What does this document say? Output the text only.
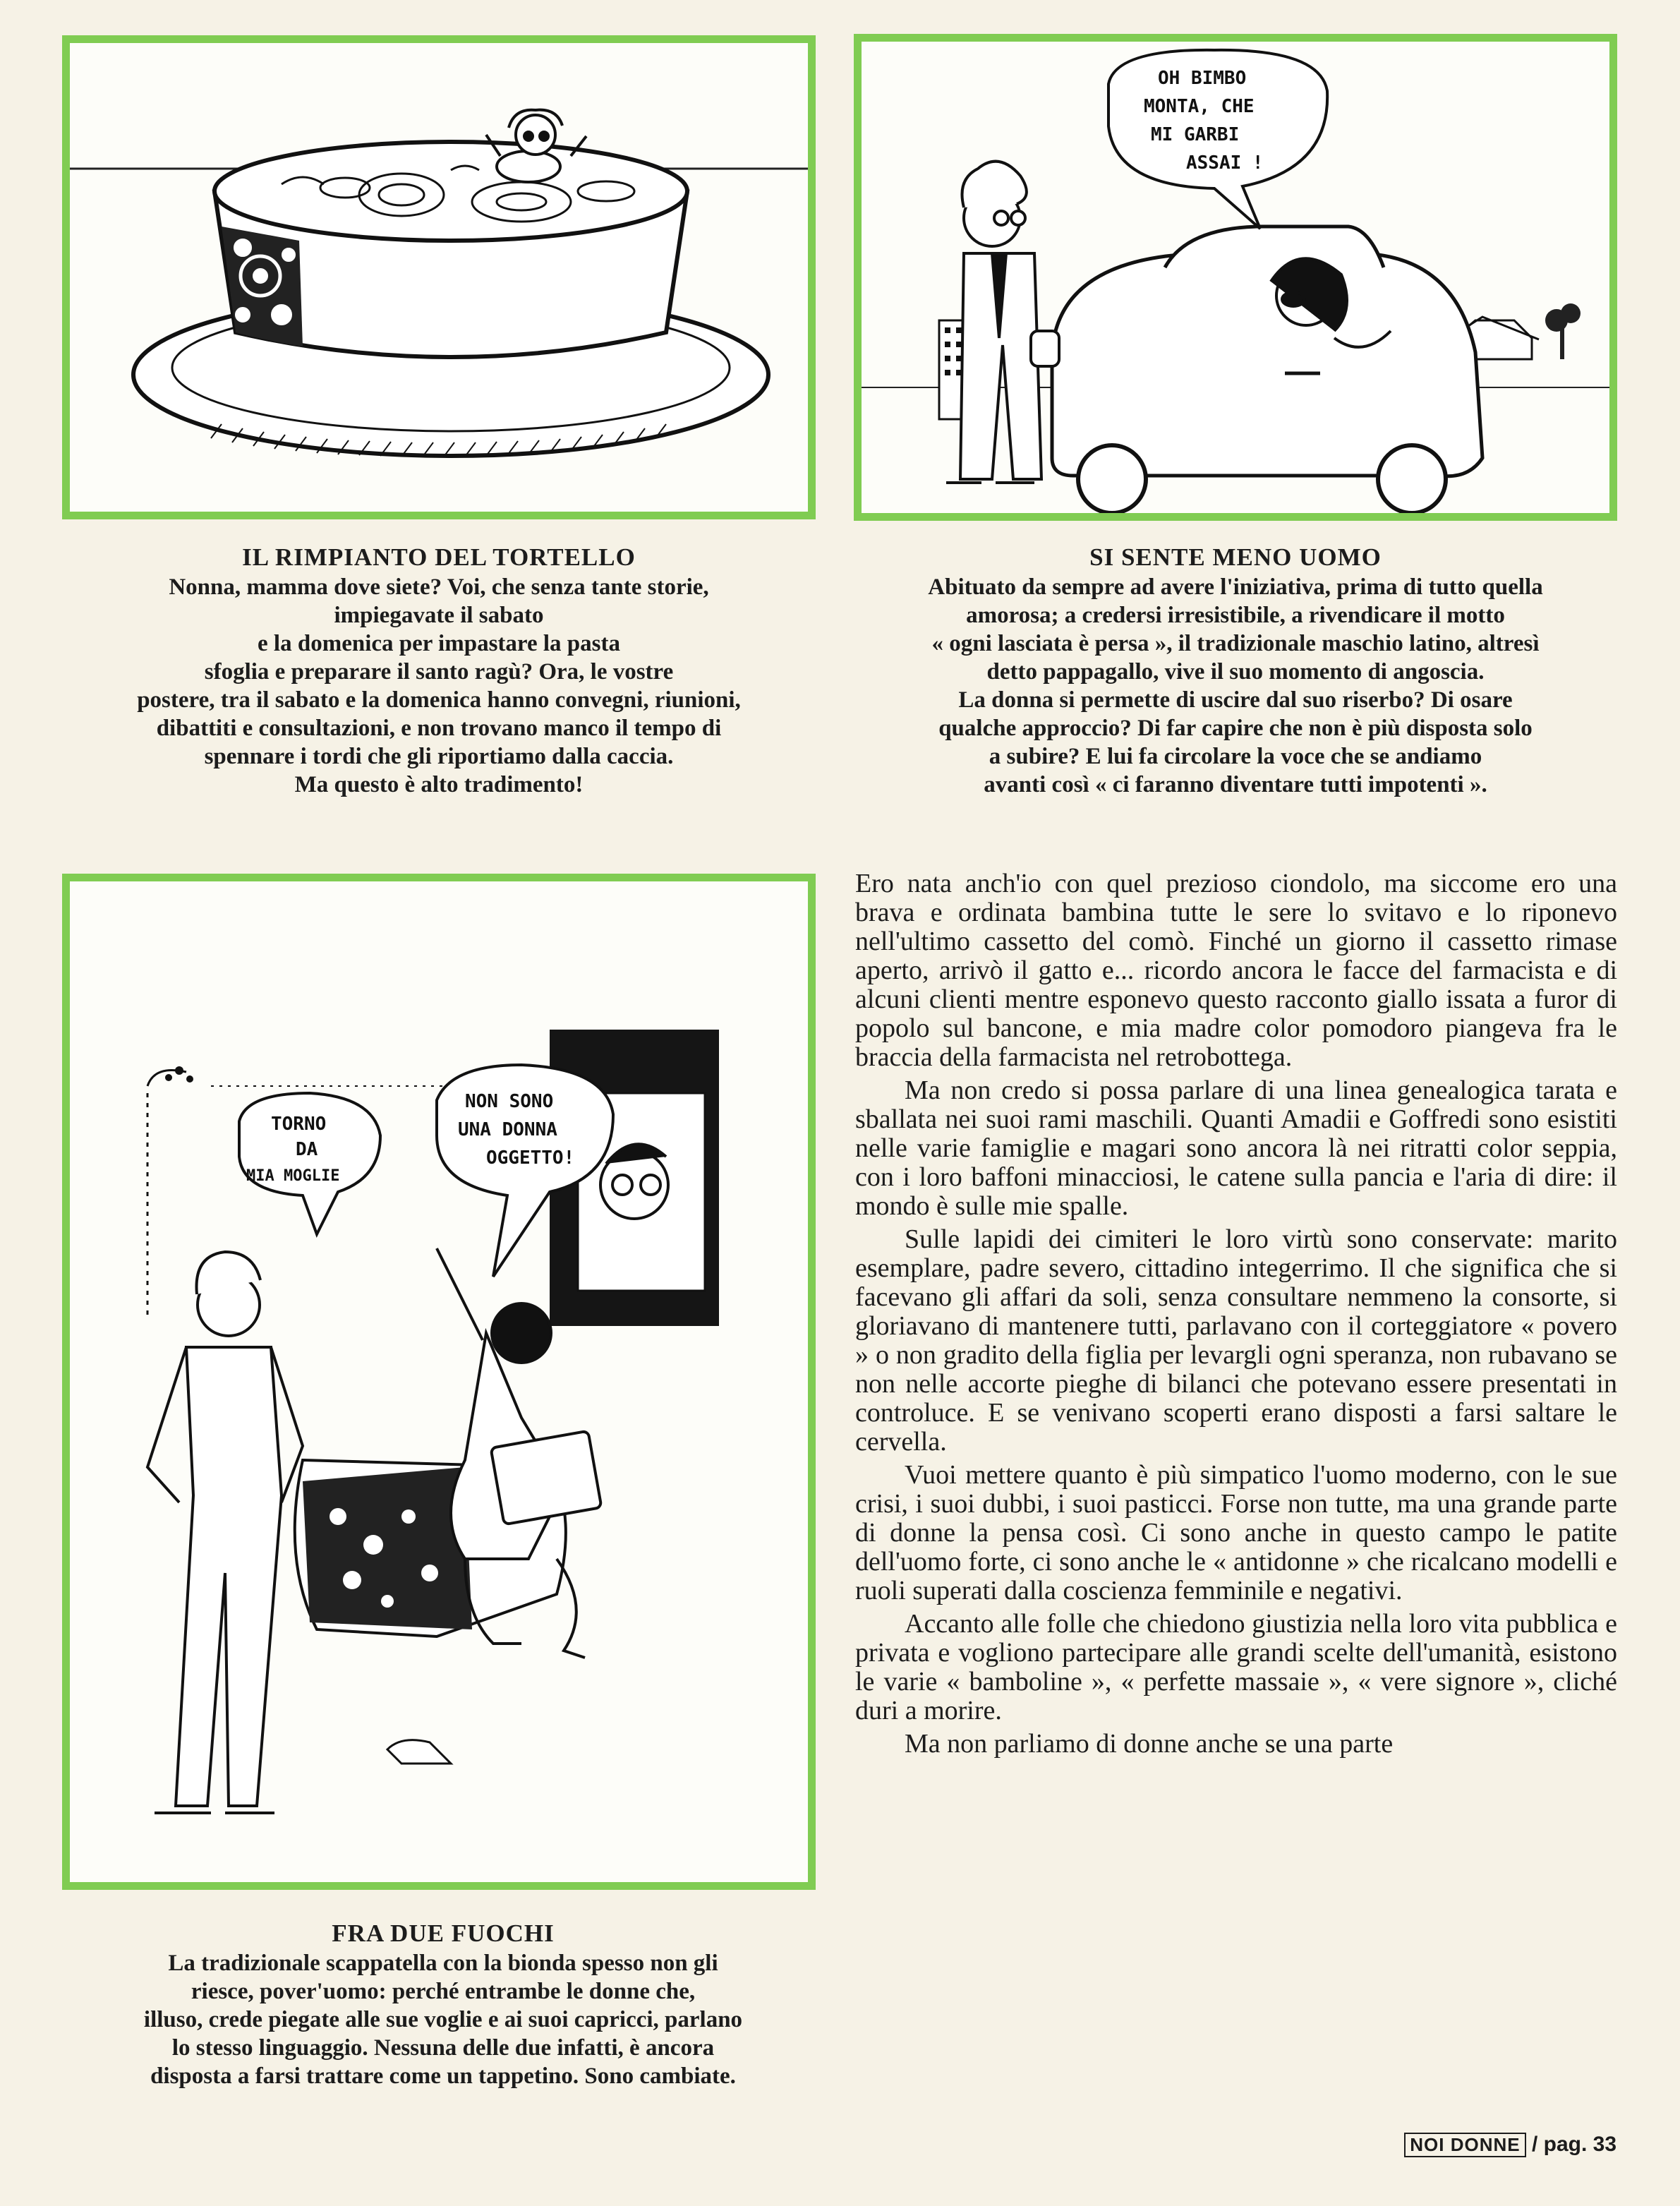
OH BIMBO
MONTA, CHE
MI GARBI
ASSAI !
IL RIMPIANTO DEL TORTELLO
Nonna, mamma dove siete? Voi, che senza tante storie,
impiegavate il sabato
e la domenica per impastare la pasta
sfoglia e preparare il santo ragù? Ora, le vostre
postere, tra il sabato e la domenica hanno convegni, riunioni,
dibattiti e consultazioni, e non trovano manco il tempo di
spennare i tordi che gli riportiamo dalla caccia.
Ma questo è alto tradimento!
SI SENTE MENO UOMO
Abituato da sempre ad avere l'iniziativa, prima di tutto quella
amorosa; a credersi irresistibile, a rivendicare il motto
« ogni lasciata è persa », il tradizionale maschio latino, altresì
detto pappagallo, vive il suo momento di angoscia.
La donna si permette di uscire dal suo riserbo? Di osare
qualche approccio? Di far capire che non è più disposta solo
a subire? E lui fa circolare la voce che se andiamo
avanti così « ci faranno diventare tutti impotenti ».
TORNO
DA
MIA MOGLIE
NON SONO
UNA DONNA
OGGETTO!
FRA DUE FUOCHI
La tradizionale scappatella con la bionda spesso non gli
riesce, pover'uomo: perché entrambe le donne che,
illuso, crede piegate alle sue voglie e ai suoi capricci, parlano
lo stesso linguaggio. Nessuna delle due infatti, è ancora
disposta a farsi trattare come un tappetino. Sono cambiate.

Ero nata anch'io con quel prezioso ciondolo, ma siccome ero una brava e ordinata bambina tutte le sere lo svitavo e lo riponevo nell'ultimo cassetto del comò. Finché un giorno il cassetto rimase aperto, arrivò il gatto e... ricordo ancora le facce del farmacista e di alcuni clienti mentre esponevo questo racconto giallo issata a furor di popolo sul bancone, e mia madre color pomodoro piangeva fra le braccia della farmacista nel retrobottega.

Ma non credo si possa parlare di una linea genealogica tarata e sballata nei suoi rami maschili. Quanti Amadii e Goffredi sono esistiti nelle varie famiglie e magari sono ancora là nei ritratti color seppia, con i loro baffoni minacciosi, le catene sulla pancia e l'aria di dire: il mondo è sulle mie spalle.

Sulle lapidi dei cimiteri le loro virtù sono conservate: marito esemplare, padre severo, cittadino integerrimo. Il che significa che si facevano gli affari da soli, senza consultare nemmeno la consorte, si gloriavano di mantenere tutti, parlavano con il corteggiatore « povero » o non gradito della figlia per levargli ogni speranza, non rubavano se non nelle accorte pieghe di bilanci che potevano essere presentati in controluce. E se venivano scoperti erano disposti a farsi saltare le cervella.

Vuoi mettere quanto è più simpatico l'uomo moderno, con le sue crisi, i suoi dubbi, i suoi pasticci. Forse non tutte, ma una grande parte di donne la pensa così. Ci sono anche in questo campo le patite dell'uomo forte, ci sono anche le « antidonne » che ricalcano modelli e ruoli superati dalla coscienza femminile e negativi.

Accanto alle folle che chiedono giustizia nella loro vita pubblica e privata e vogliono partecipare alle grandi scelte dell'umanità, esistono le varie « bamboline », « perfette massaie », « vere signore », cliché duri a morire.

Ma non parliamo di donne anche se una parte

NOI DONNE / pag. 33
